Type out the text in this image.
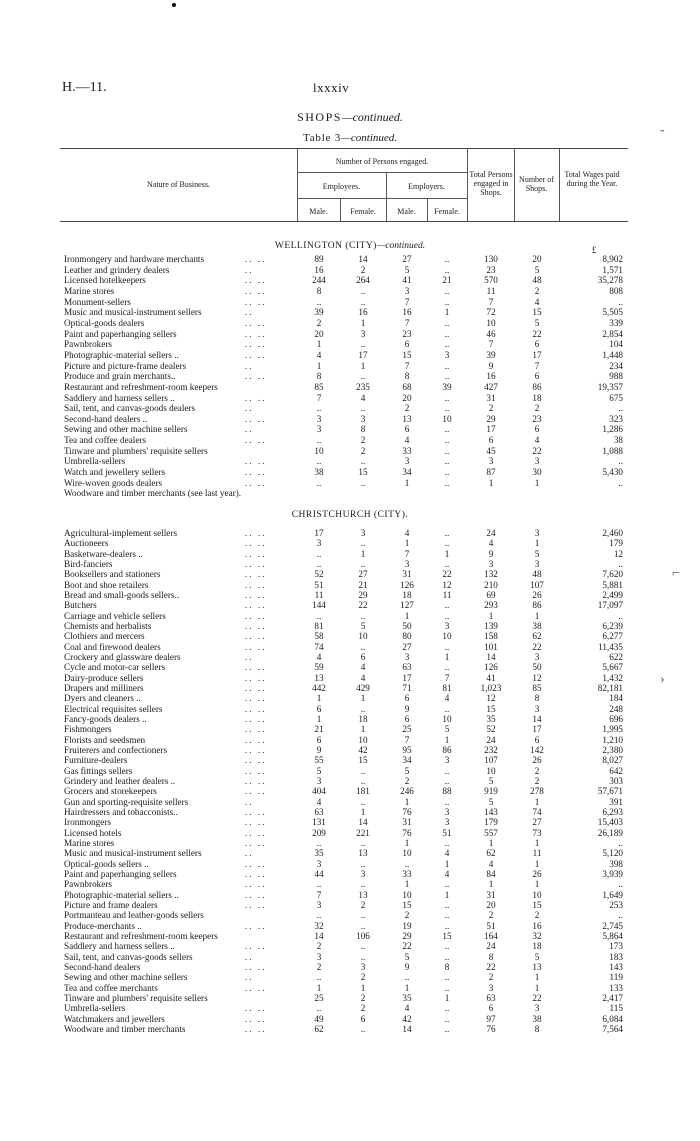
H.—11.	lxxxiv
SHOPS—continued.
Table 3—continued.	˘
⌐
›
Nature of Business.
Number of Persons engaged.
Employees.	Employers.
Male.	Female.	Male.	Female.
Total Persons engaged in Shops.
Number of Shops.
Total Wages paid during the Year.
WELLINGTON (CITY)—continued.	£
CHRISTCHURCH (CITY).
Ironmongery and hardware merchants	.. ..	89	14	27	..	130	20	8,902
Leather and grindery dealers	..	16	2	5	..	23	5	1,571
Licensed hotelkeepers	.. ..	244	264	41	21	570	48	35,278
Marine stores	.. ..	8	..	3	..	11	2	808
Monument-sellers	.. ..	..	..	7	..	7	4	..
Music and musical-instrument sellers	..	39	16	16	1	72	15	5,505
Optical-goods dealers	.. ..	2	1	7	..	10	5	339
Paint and paperhanging sellers	.. ..	20	3	23	..	46	22	2,854
Pawnbrokers	.. ..	1	..	6	..	7	6	104
Photographic-material sellers ..	.. ..	4	17	15	3	39	17	1,448
Picture and picture-frame dealers	..	1	1	7	..	9	7	234
Produce and grain merchants..	.. ..	8	..	8	..	16	6	988
Restaurant and refreshment-room keepers	85	235	68	39	427	86	19,357
Saddlery and harness sellers ..	.. ..	7	4	20	..	31	18	675
Sail, tent, and canvas-goods dealers	..	..	..	2	..	2	2	..
Second-hand dealers ..	.. ..	3	3	13	10	29	23	323
Sewing and other machine sellers	..	3	8	6	..	17	6	1,286
Tea and coffee dealers	.. ..	..	2	4	..	6	4	38
Tinware and plumbers' requisite sellers	10	2	33	..	45	22	1,088
Umbrella-sellers	.. ..	..	..	3	..	3	3	..
Watch and jewellery sellers	.. ..	38	15	34	..	87	30	5,430
Wire-woven goods dealers	.. ..	..	..	1	..	1	1	..
Woodware and timber merchants (see last year).
Agricultural-implement sellers	.. ..	17	3	4	..	24	3	2,460
Auctioneers	.. ..	3	..	1	..	4	1	179
Basketware-dealers ..	.. ..	..	1	7	1	9	5	12
Bird-fanciers	.. ..	..	..	3	..	3	3	..
Booksellers and stationers	.. ..	52	27	31	22	132	48	7,620
Boot and shoe retailers	.. ..	51	21	126	12	210	107	5,881
Bread and small-goods sellers..	.. ..	11	29	18	11	69	26	2,499
Butchers	.. ..	144	22	127	..	293	86	17,097
Carriage and vehicle sellers	.. ..	..	..	1	..	1	1	..
Chemists and herbalists	.. ..	81	5	50	3	139	38	6,239
Clothiers and mercers	.. ..	58	10	80	10	158	62	6,277
Coal and firewood dealers	.. ..	74	..	27	..	101	22	11,435
Crockery and glassware dealers	..	4	6	3	1	14	3	622
Cycle and motor-car sellers	.. ..	59	4	63	..	126	50	5,667
Dairy-produce sellers	.. ..	13	4	17	7	41	12	1,432
Drapers and milliners	.. ..	442	429	71	81	1,023	85	82,181
Dyers and cleaners ..	.. ..	1	1	6	4	12	8	184
Electrical requisites sellers	.. ..	6	..	9	..	15	3	248
Fancy-goods dealers ..	.. ..	1	18	6	10	35	14	696
Fishmongers	.. ..	21	1	25	5	52	17	1,995
Florists and seedsmen	.. ..	6	10	7	1	24	6	1,210
Fruiterers and confectioners	.. ..	9	42	95	86	232	142	2,380
Furniture-dealers	.. ..	55	15	34	3	107	26	8,027
Gas fittings sellers	.. ..	5	..	5	..	10	2	642
Grindery and leather dealers ..	.. ..	3	..	2	..	5	2	303
Grocers and storekeepers	.. ..	404	181	246	88	919	278	57,671
Gun and sporting-requisite sellers	..	4	..	1	..	5	1	391
Hairdressers and tobacconists..	.. ..	63	1	76	3	143	74	6,293
Ironmongers	.. ..	131	14	31	3	179	27	15,403
Licensed hotels	.. ..	209	221	76	51	557	73	26,189
Marine stores	.. ..	..	..	1	..	1	1	..
Music and musical-instrument sellers	..	35	13	10	4	62	11	5,120
Optical-goods sellers ..	.. ..	3	..	..	1	4	1	398
Paint and paperhanging sellers	.. ..	44	3	33	4	84	26	3,939
Pawnbrokers	.. ..	..	..	1	..	1	1	..
Photographic-material sellers ..	.. ..	7	13	10	1	31	10	1,649
Picture and frame dealers	.. ..	3	2	15	..	20	15	253
Portmanteau and leather-goods sellers	..	..	2	..	2	2	..
Produce-merchants ..	.. ..	32	..	19	..	51	16	2,745
Restaurant and refreshment-room keepers	14	106	29	15	164	32	5,864
Saddlery and harness sellers ..	.. ..	2	..	22	..	24	18	173
Sail, tent, and canvas-goods sellers	..	3	..	5	..	8	5	183
Second-hand dealers	.. ..	2	3	9	8	22	13	143
Sewing and other machine sellers	..	..	2	..	..	2	1	119
Tea and coffee merchants	.. ..	1	1	1	..	3	1	133
Tinware and plumbers' requisite sellers	25	2	35	1	63	22	2,417
Umbrella-sellers	.. ..	..	2	4	..	6	3	115
Watchmakers and jewellers	.. ..	49	6	42	..	97	38	6,084
Woodware and timber merchants	.. ..	62	..	14	..	76	8	7,564
